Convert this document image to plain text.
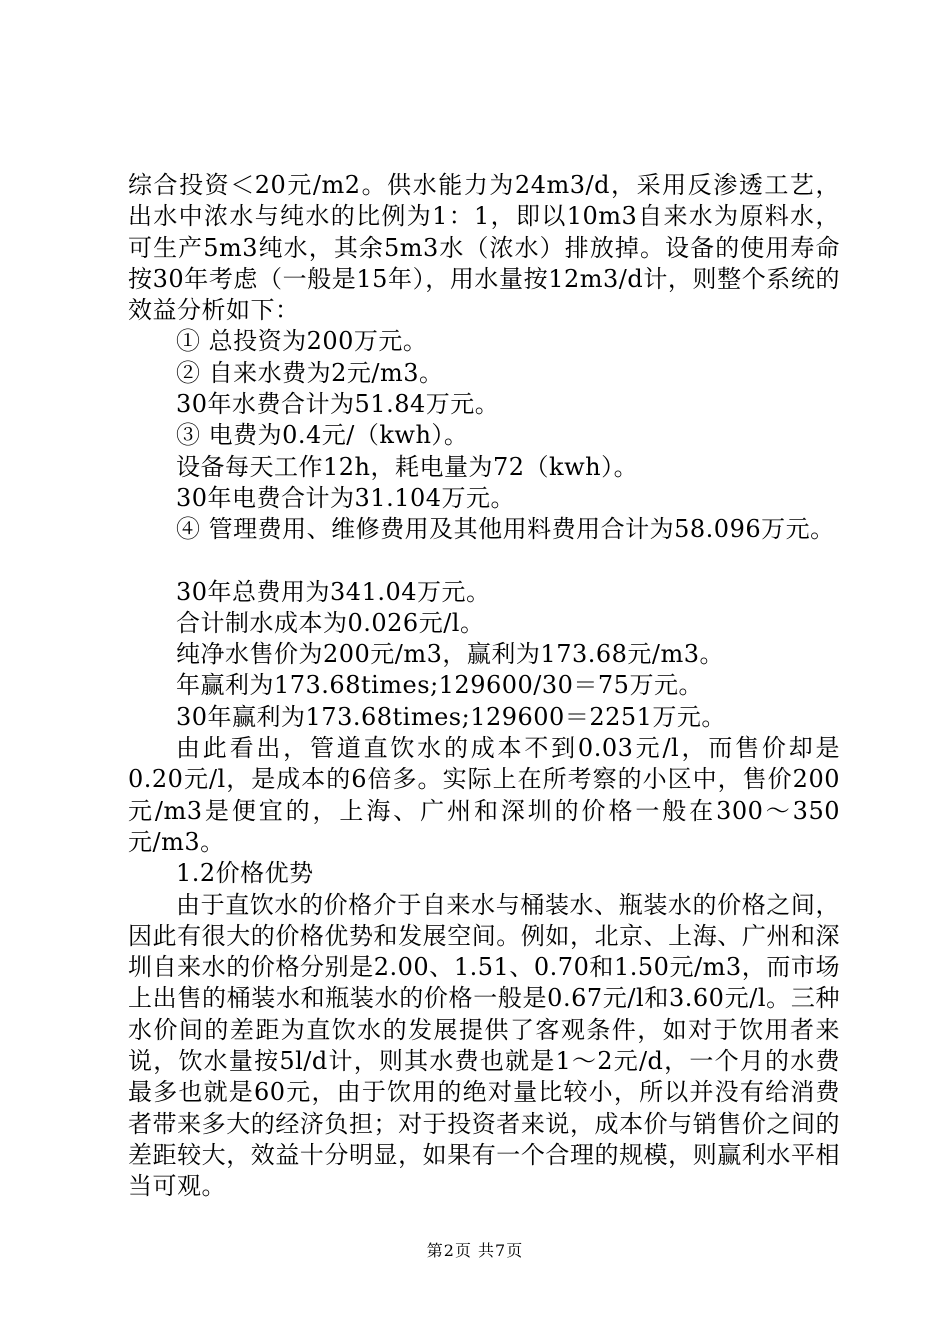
综合投资＜20元/m2。供水能力为24m3/d，采用反渗透工艺，出水中浓水与纯水的比例为1：1，即以10m3自来水为原料水，可生产5m3纯水，其余5m3水（浓水）排放掉。设备的使用寿命按30年考虑（一般是15年），用水量按12m3/d计，则整个系统的效益分析如下：

① 总投资为200万元。

② 自来水费为2元/m3。

30年水费合计为51.84万元。

③ 电费为0.4元/（kwh）。

设备每天工作12h，耗电量为72（kwh）。

30年电费合计为31.104万元。

④ 管理费用、维修费用及其他用料费用合计为58.096万元。

30年总费用为341.04万元。

合计制水成本为0.026元/l。

纯净水售价为200元/m3，赢利为173.68元/m3。

年赢利为173.68times;129600/30＝75万元。

30年赢利为173.68times;129600＝2251万元。

由此看出，管道直饮水的成本不到0.03元/l，而售价却是0.20元/l，是成本的6倍多。实际上在所考察的小区中，售价200元/m3是便宜的，上海、广州和深圳的价格一般在300～350元/m3。

1.2价格优势

由于直饮水的价格介于自来水与桶装水、瓶装水的价格之间，因此有很大的价格优势和发展空间。例如，北京、上海、广州和深圳自来水的价格分别是2.00、1.51、0.70和1.50元/m3，而市场上出售的桶装水和瓶装水的价格一般是0.67元/l和3.60元/l。三种水价间的差距为直饮水的发展提供了客观条件，如对于饮用者来说，饮水量按5l/d计，则其水费也就是1～2元/d，一个月的水费最多也就是60元，由于饮用的绝对量比较小，所以并没有给消费者带来多大的经济负担；对于投资者来说，成本价与销售价之间的差距较大，效益十分明显，如果有一个合理的规模，则赢利水平相当可观。

第2页 共7页
